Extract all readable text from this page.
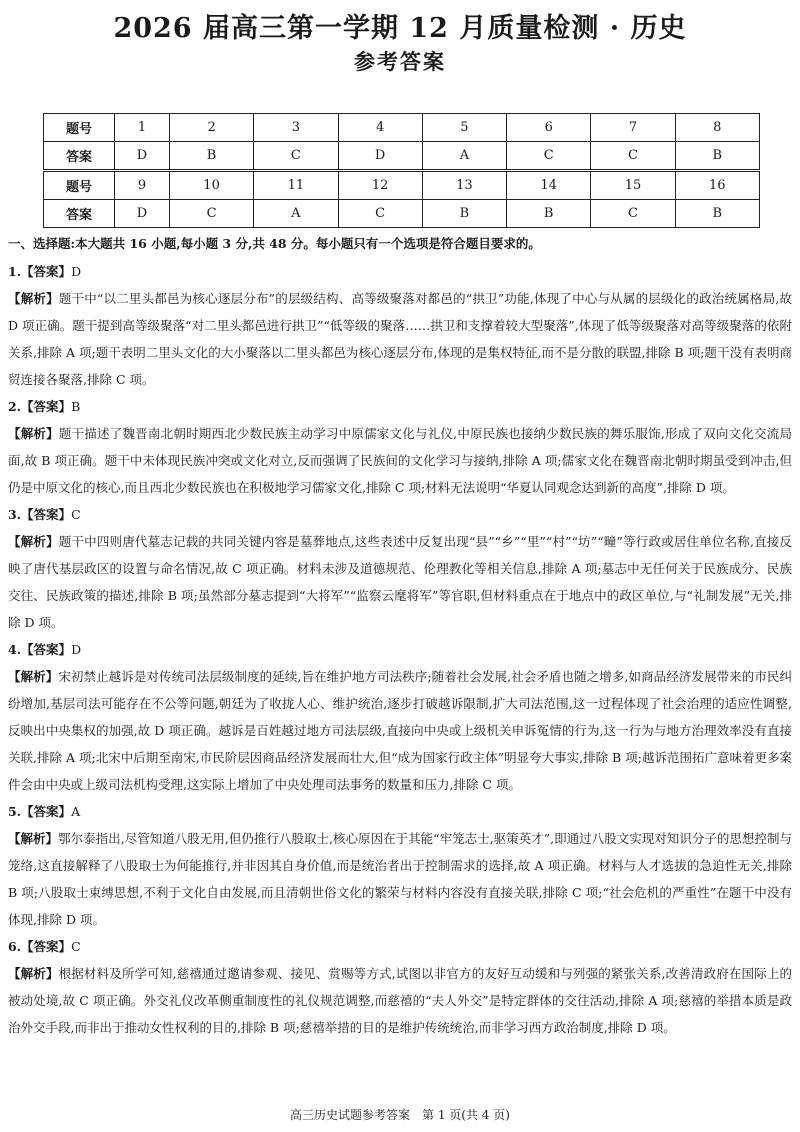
2026 届高三第一学期 12 月质量检测 · 历史
参考答案
题号	1	2	3	4	5	6	7	8
答案	D	B	C	D	A	C	C	B
题号	9	10	11	12	13	14	15	16
答案	D	C	A	C	B	B	C	B
一、选择题:本大题共 16 小题,每小题 3 分,共 48 分。每小题只有一个选项是符合题目要求的。

1.【答案】D

【解析】题干中“以二里头都邑为核心逐层分布”的层级结构、高等级聚落对都邑的“拱卫”功能,体现了中心与从属的层级化的政治统属格局,故 D 项正确。题干提到高等级聚落“对二里头都邑进行拱卫”“低等级的聚落……拱卫和支撑着较大型聚落”,体现了低等级聚落对高等级聚落的依附关系,排除 A 项;题干表明二里头文化的大小聚落以二里头都邑为核心逐层分布,体现的是集权特征,而不是分散的联盟,排除 B 项;题干没有表明商贸连接各聚落,排除 C 项。

2.【答案】B

【解析】题干描述了魏晋南北朝时期西北少数民族主动学习中原儒家文化与礼仪,中原民族也接纳少数民族的舞乐服饰,形成了双向文化交流局面,故 B 项正确。题干中未体现民族冲突或文化对立,反而强调了民族间的文化学习与接纳,排除 A 项;儒家文化在魏晋南北朝时期虽受到冲击,但仍是中原文化的核心,而且西北少数民族也在积极地学习儒家文化,排除 C 项;材料无法说明“华夏认同观念达到新的高度”,排除 D 项。

3.【答案】C

【解析】题干中四则唐代墓志记载的共同关键内容是墓葬地点,这些表述中反复出现“县”“乡”“里”“村”“坊”“疃”等行政或居住单位名称,直接反映了唐代基层政区的设置与命名情况,故 C 项正确。材料未涉及道德规范、伦理教化等相关信息,排除 A 项;墓志中无任何关于民族成分、民族交往、民族政策的描述,排除 B 项;虽然部分墓志提到“大将军”“监察云麾将军”等官职,但材料重点在于地点中的政区单位,与“礼制发展”无关,排除 D 项。

4.【答案】D

【解析】宋初禁止越诉是对传统司法层级制度的延续,旨在维护地方司法秩序;随着社会发展,社会矛盾也随之增多,如商品经济发展带来的市民纠纷增加,基层司法可能存在不公等问题,朝廷为了收拢人心、维护统治,逐步打破越诉限制,扩大司法范围,这一过程体现了社会治理的适应性调整,反映出中央集权的加强,故 D 项正确。越诉是百姓越过地方司法层级,直接向中央或上级机关申诉冤情的行为,这一行为与地方治理效率没有直接关联,排除 A 项;北宋中后期至南宋,市民阶层因商品经济发展而壮大,但“成为国家行政主体”明显夸大事实,排除 B 项;越诉范围拓广意味着更多案件会由中央或上级司法机构受理,这实际上增加了中央处理司法事务的数量和压力,排除 C 项。

5.【答案】A

【解析】鄂尔泰指出,尽管知道八股无用,但仍推行八股取士,核心原因在于其能“牢笼志士,驱策英才”,即通过八股文实现对知识分子的思想控制与笼络,这直接解释了八股取士为何能推行,并非因其自身价值,而是统治者出于控制需求的选择,故 A 项正确。材料与人才选拔的急迫性无关,排除 B 项;八股取士束缚思想,不利于文化自由发展,而且清朝世俗文化的繁荣与材料内容没有直接关联,排除 C 项;“社会危机的严重性”在题干中没有体现,排除 D 项。

6.【答案】C

【解析】根据材料及所学可知,慈禧通过邀请参观、接见、赏赐等方式,试图以非官方的友好互动缓和与列强的紧张关系,改善清政府在国际上的被动处境,故 C 项正确。外交礼仪改革侧重制度性的礼仪规范调整,而慈禧的“夫人外交”是特定群体的交往活动,排除 A 项;慈禧的举措本质是政治外交手段,而非出于推动女性权利的目的,排除 B 项;慈禧举措的目的是维护传统统治,而非学习西方政治制度,排除 D 项。

高三历史试题参考答案　第 1 页(共 4 页)
